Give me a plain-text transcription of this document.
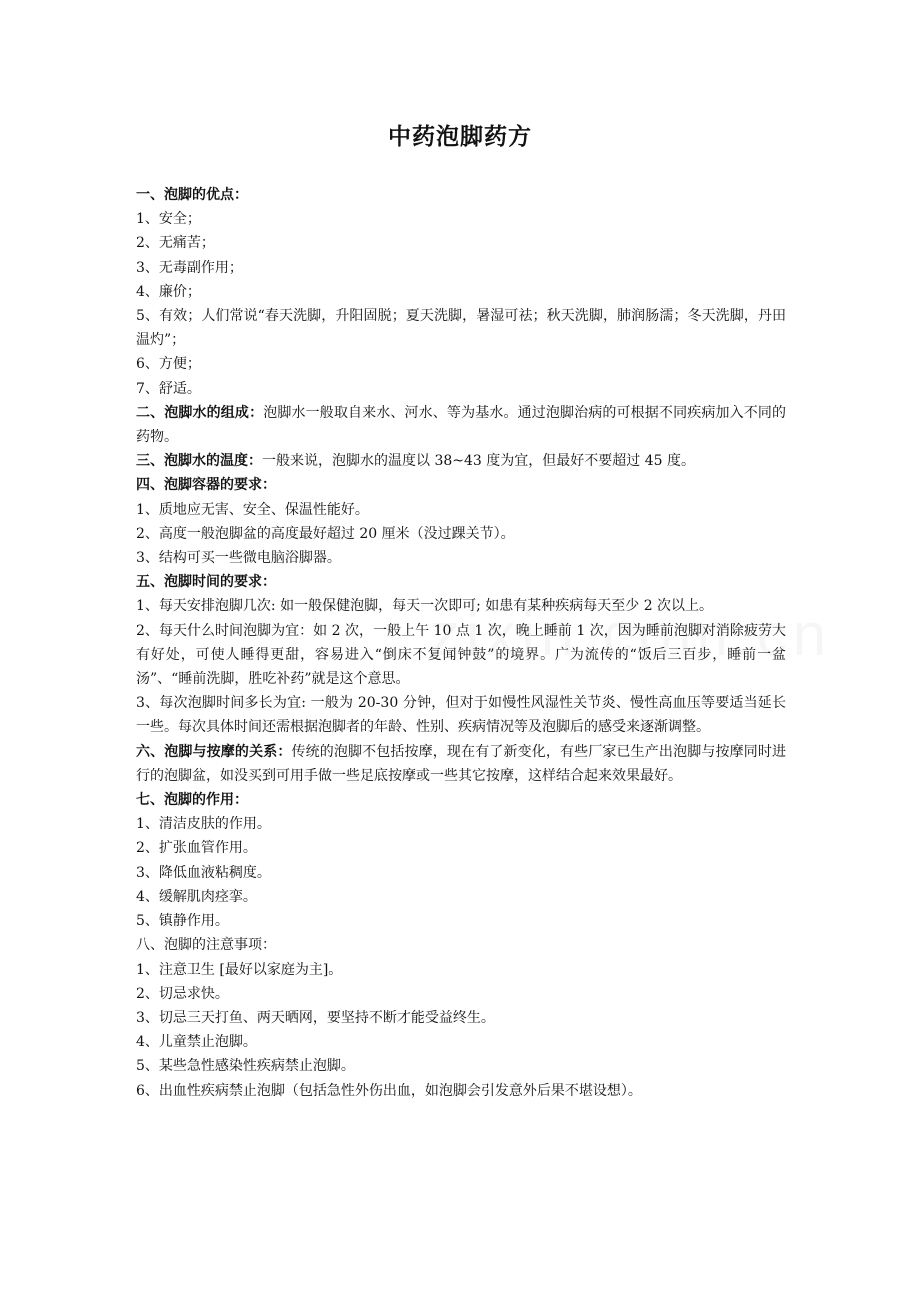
中药泡脚药方

一、泡脚的优点：

1、安全；

2、无痛苦；

3、无毒副作用；

4、廉价；

5、有效；人们常说“春天洗脚，升阳固脱；夏天洗脚，暑湿可祛；秋天洗脚，肺润肠濡；冬天洗脚，丹田温灼”；

6、方便；

7、舒适。

二、泡脚水的组成：泡脚水一般取自来水、河水、等为基水。通过泡脚治病的可根据不同疾病加入不同的药物。

三、泡脚水的温度：一般来说，泡脚水的温度以 38~43 度为宜，但最好不要超过 45 度。

四、泡脚容器的要求：

1、质地应无害、安全、保温性能好。

2、高度一般泡脚盆的高度最好超过 20 厘米（没过踝关节）。

3、结构可买一些微电脑浴脚器。

五、泡脚时间的要求：

1、每天安排泡脚几次: 如一般保健泡脚，每天一次即可; 如患有某种疾病每天至少 2 次以上。

2、每天什么时间泡脚为宜：如 2 次，一般上午 10 点 1 次，晚上睡前 1 次，因为睡前泡脚对消除疲劳大有好处，可使人睡得更甜，容易进入“倒床不复闻钟鼓”的境界。广为流传的“饭后三百步，睡前一盆汤”、“睡前洗脚，胜吃补药”就是这个意思。

3、每次泡脚时间多长为宜: 一般为 20-30 分钟，但对于如慢性风湿性关节炎、慢性高血压等要适当延长一些。每次具体时间还需根据泡脚者的年龄、性别、疾病情况等及泡脚后的感受来逐渐调整。

六、泡脚与按摩的关系：传统的泡脚不包括按摩，现在有了新变化，有些厂家已生产出泡脚与按摩同时进行的泡脚盆，如没买到可用手做一些足底按摩或一些其它按摩，这样结合起来效果最好。

七、泡脚的作用：

1、清洁皮肤的作用。

2、扩张血管作用。

3、降低血液粘稠度。

4、缓解肌肉痉挛。

5、镇静作用。

八、泡脚的注意事项：

1、注意卫生 [最好以家庭为主]。

2、切忌求快。

3、切忌三天打鱼、两天晒网，要坚持不断才能受益终生。

4、儿童禁止泡脚。

5、某些急性感染性疾病禁止泡脚。

6、出血性疾病禁止泡脚（包括急性外伤出血，如泡脚会引发意外后果不堪设想）。
